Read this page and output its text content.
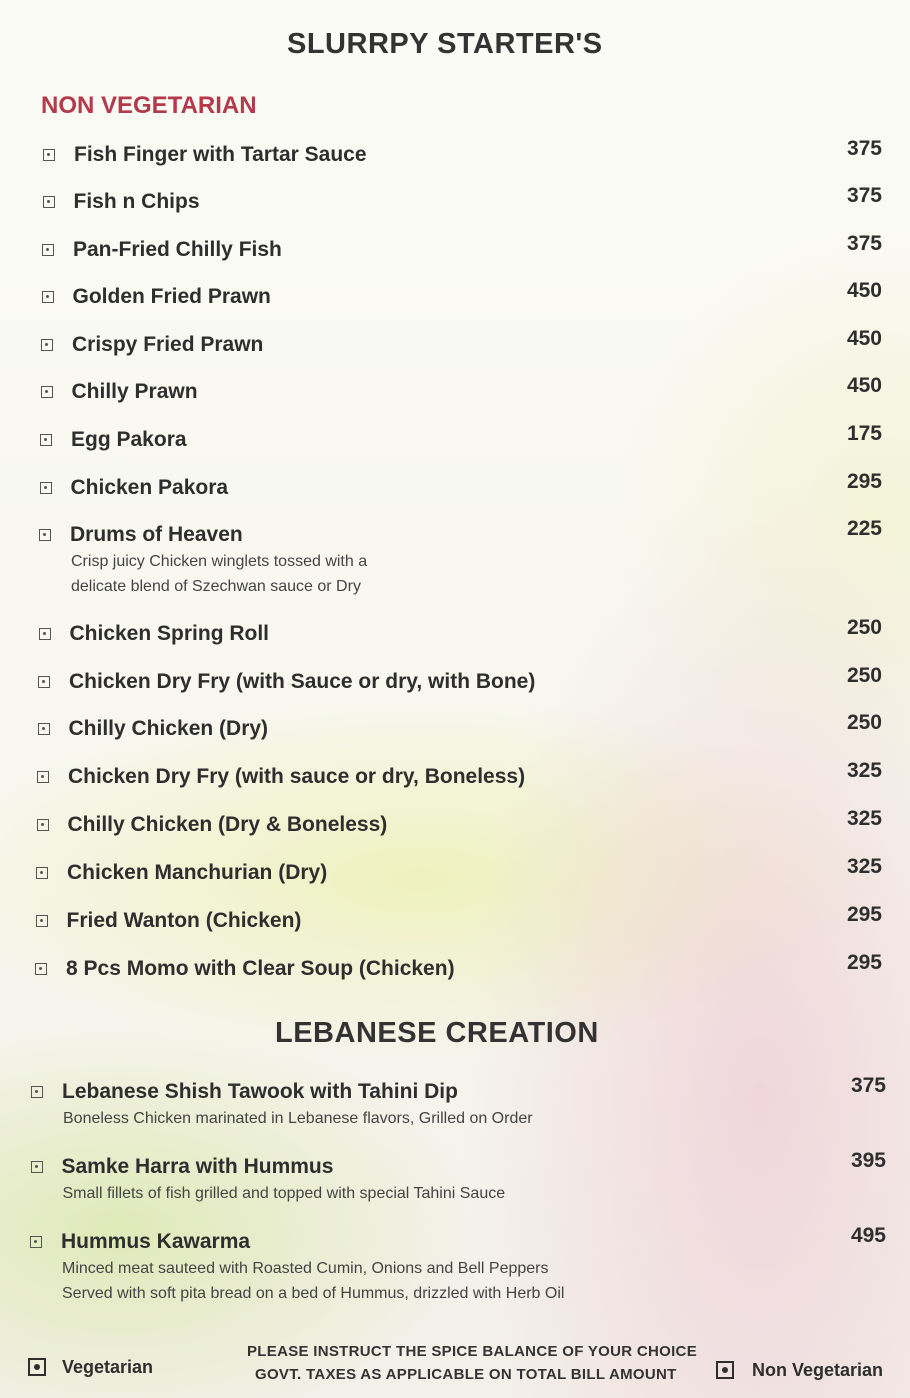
SLURRPY STARTER'S
NON VEGETARIAN
Fish Finger with Tartar Sauce	375
Fish n Chips	375
Pan-Fried Chilly Fish	375
Golden Fried Prawn	450
Crispy Fried Prawn	450
Chilly Prawn	450
Egg Pakora	175
Chicken Pakora	295
Drums of Heaven	225
Crisp juicy Chicken winglets tossed with a
delicate blend of Szechwan sauce or Dry
Chicken Spring Roll	250
Chicken Dry Fry (with Sauce or dry, with Bone)	250
Chilly Chicken (Dry)	250
Chicken Dry Fry (with sauce or dry, Boneless)	325
Chilly Chicken (Dry & Boneless)	325
Chicken Manchurian (Dry)	325
Fried Wanton (Chicken)	295
8 Pcs Momo with Clear Soup (Chicken)	295
LEBANESE CREATION
Lebanese Shish Tawook with Tahini Dip	375
Boneless Chicken marinated in Lebanese flavors, Grilled on Order
Samke Harra with Hummus	395
Small fillets of fish grilled and topped with special Tahini Sauce
Hummus Kawarma	495
Minced meat sauteed with Roasted Cumin, Onions and Bell Peppers
Served with soft pita bread on a bed of Hummus, drizzled with Herb Oil
Vegetarian
PLEASE INSTRUCT THE SPICE BALANCE OF YOUR CHOICE
GOVT. TAXES AS APPLICABLE ON TOTAL BILL AMOUNT	Non Vegetarian
